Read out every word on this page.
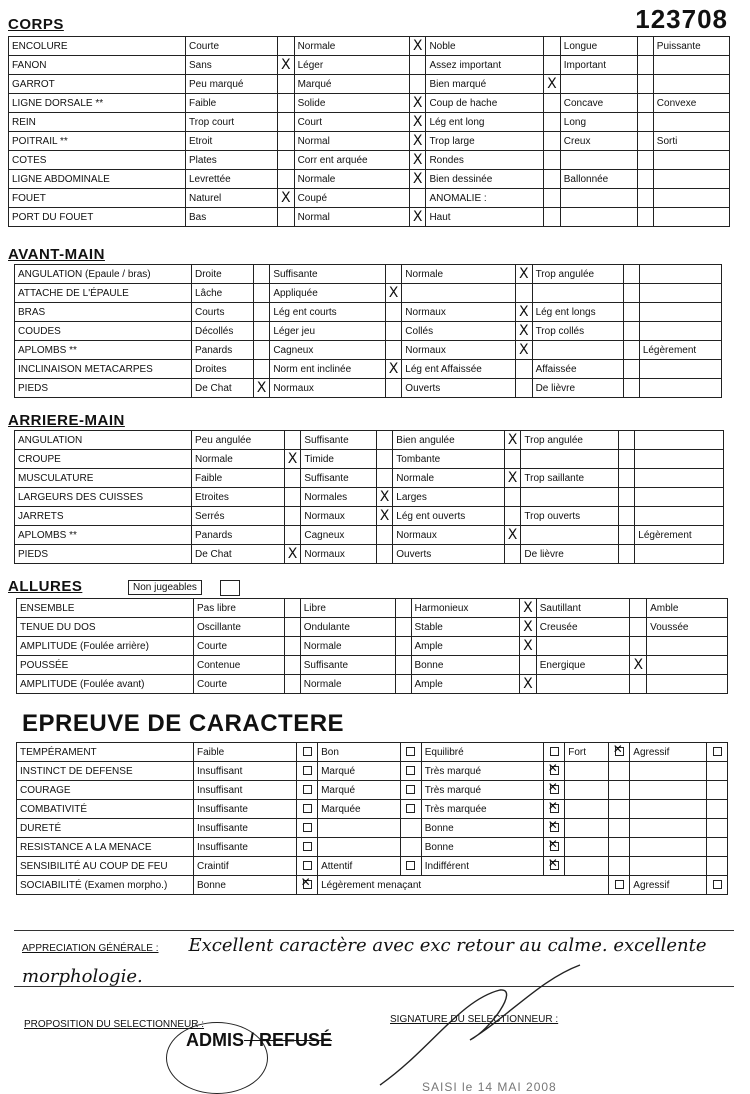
123708
CORPS
ENCOLURE	Courte		Normale	X	Noble		Longue		Puissante
FANON	Sans	X	Léger		Assez important		Important		
GARROT	Peu marqué		Marqué		Bien marqué	X			
LIGNE DORSALE **	Faible		Solide	X	Coup de hache		Concave		Convexe
REIN	Trop court		Court	X	Lég ent long		Long		
POITRAIL **	Etroit		Normal	X	Trop large		Creux		Sorti
COTES	Plates		Corr ent arquée	X	Rondes				
LIGNE ABDOMINALE	Levrettée		Normale	X	Bien dessinée		Ballonnée		
FOUET	Naturel	X	Coupé		ANOMALIE :				
PORT DU FOUET	Bas		Normal	X	Haut				
AVANT-MAIN
ANGULATION (Epaule / bras)	Droite		Suffisante		Normale	X	Trop angulée		
ATTACHE DE L'ÉPAULE	Lâche		Appliquée	X					
BRAS	Courts		Lég ent courts		Normaux	X	Lég ent longs		
COUDES	Décollés		Léger jeu		Collés	X	Trop collés		
APLOMBS **	Panards		Cagneux		Normaux	X			Légèrement
INCLINAISON METACARPES	Droites		Norm ent inclinée	X	Lég ent Affaissée		Affaissée		
PIEDS	De Chat	X	Normaux		Ouverts		De lièvre		
ARRIERE-MAIN
ANGULATION	Peu angulée		Suffisante		Bien angulée	X	Trop angulée		
CROUPE	Normale	X	Timide		Tombante				
MUSCULATURE	Faible		Suffisante		Normale	X	Trop saillante		
LARGEURS DES CUISSES	Etroites		Normales	X	Larges				
JARRETS	Serrés		Normaux	X	Lég ent ouverts		Trop ouverts		
APLOMBS **	Panards		Cagneux		Normaux	X			Légèrement
PIEDS	De Chat	X	Normaux		Ouverts		De lièvre		
ALLURES	Non jugeables
ENSEMBLE	Pas libre		Libre		Harmonieux	X	Sautillant		Amble
TENUE DU DOS	Oscillante		Ondulante		Stable	X	Creusée		Voussée
AMPLITUDE (Foulée arrière)	Courte		Normale		Ample	X			
POUSSÉE	Contenue		Suffisante		Bonne		Energique	X	
AMPLITUDE (Foulée avant)	Courte		Normale		Ample	X			
EPREUVE DE CARACTERE
TEMPÉRAMENT	Faible		Bon		Equilibré		Fort	✕	Agressif	
INSTINCT DE DEFENSE	Insuffisant		Marqué		Très marqué	✕				
COURAGE	Insuffisant		Marqué		Très marqué	✕				
COMBATIVITÉ	Insuffisante		Marquée		Très marquée	✕				
DURETÉ	Insuffisante				Bonne	✕				
RESISTANCE A LA MENACE	Insuffisante				Bonne	✕				
SENSIBILITÉ AU COUP DE FEU	Craintif		Attentif		Indifférent	✕				
SOCIABILITÉ (Examen morpho.)	Bonne	✕	Légèrement menaçant						Agressif	
APPRECIATION GÉNÉRALE : Excellent caractère avec exc retour au calme. excellente morphologie.
PROPOSITION DU SELECTIONNEUR :	SIGNATURE DU SELECTIONNEUR :
ADMIS / REFUSÉ
SAISI le 14 MAI 2008
